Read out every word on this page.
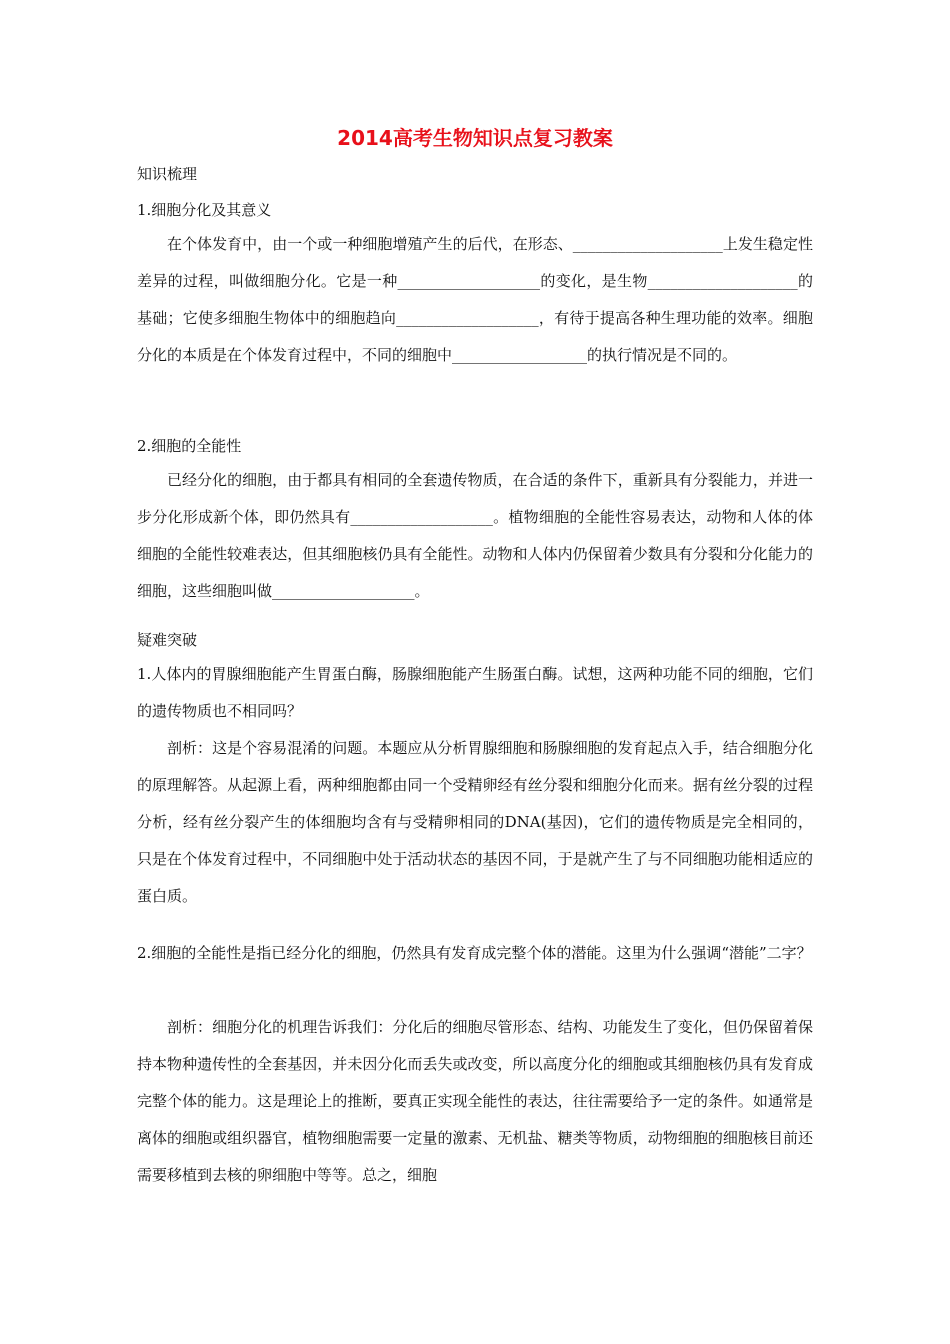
2014高考生物知识点复习教案
知识梳理
1.细胞分化及其意义
在个体发育中，由一个或一种细胞增殖产生的后代，在形态、____________________上发生稳定性差异的过程，叫做细胞分化。它是一种___________________的变化，是生物____________________的基础；它使多细胞生物体中的细胞趋向___________________，有待于提高各种生理功能的效率。细胞分化的本质是在个体发育过程中，不同的细胞中__________________的执行情况是不同的。
2.细胞的全能性
已经分化的细胞，由于都具有相同的全套遗传物质，在合适的条件下，重新具有分裂能力，并进一步分化形成新个体，即仍然具有___________________。植物细胞的全能性容易表达，动物和人体的体细胞的全能性较难表达，但其细胞核仍具有全能性。动物和人体内仍保留着少数具有分裂和分化能力的细胞，这些细胞叫做___________________。
疑难突破
1.人体内的胃腺细胞能产生胃蛋白酶，肠腺细胞能产生肠蛋白酶。试想，这两种功能不同的细胞，它们的遗传物质也不相同吗？
剖析：这是个容易混淆的问题。本题应从分析胃腺细胞和肠腺细胞的发育起点入手，结合细胞分化的原理解答。从起源上看，两种细胞都由同一个受精卵经有丝分裂和细胞分化而来。据有丝分裂的过程分析，经有丝分裂产生的体细胞均含有与受精卵相同的DNA(基因)，它们的遗传物质是完全相同的，只是在个体发育过程中，不同细胞中处于活动状态的基因不同，于是就产生了与不同细胞功能相适应的蛋白质。
2.细胞的全能性是指已经分化的细胞，仍然具有发育成完整个体的潜能。这里为什么强调“潜能”二字？
剖析：细胞分化的机理告诉我们：分化后的细胞尽管形态、结构、功能发生了变化，但仍保留着保持本物种遗传性的全套基因，并未因分化而丢失或改变，所以高度分化的细胞或其细胞核仍具有发育成完整个体的能力。这是理论上的推断，要真正实现全能性的表达，往往需要给予一定的条件。如通常是离体的细胞或组织器官，植物细胞需要一定量的激素、无机盐、糖类等物质，动物细胞的细胞核目前还需要移植到去核的卵细胞中等等。总之，细胞
